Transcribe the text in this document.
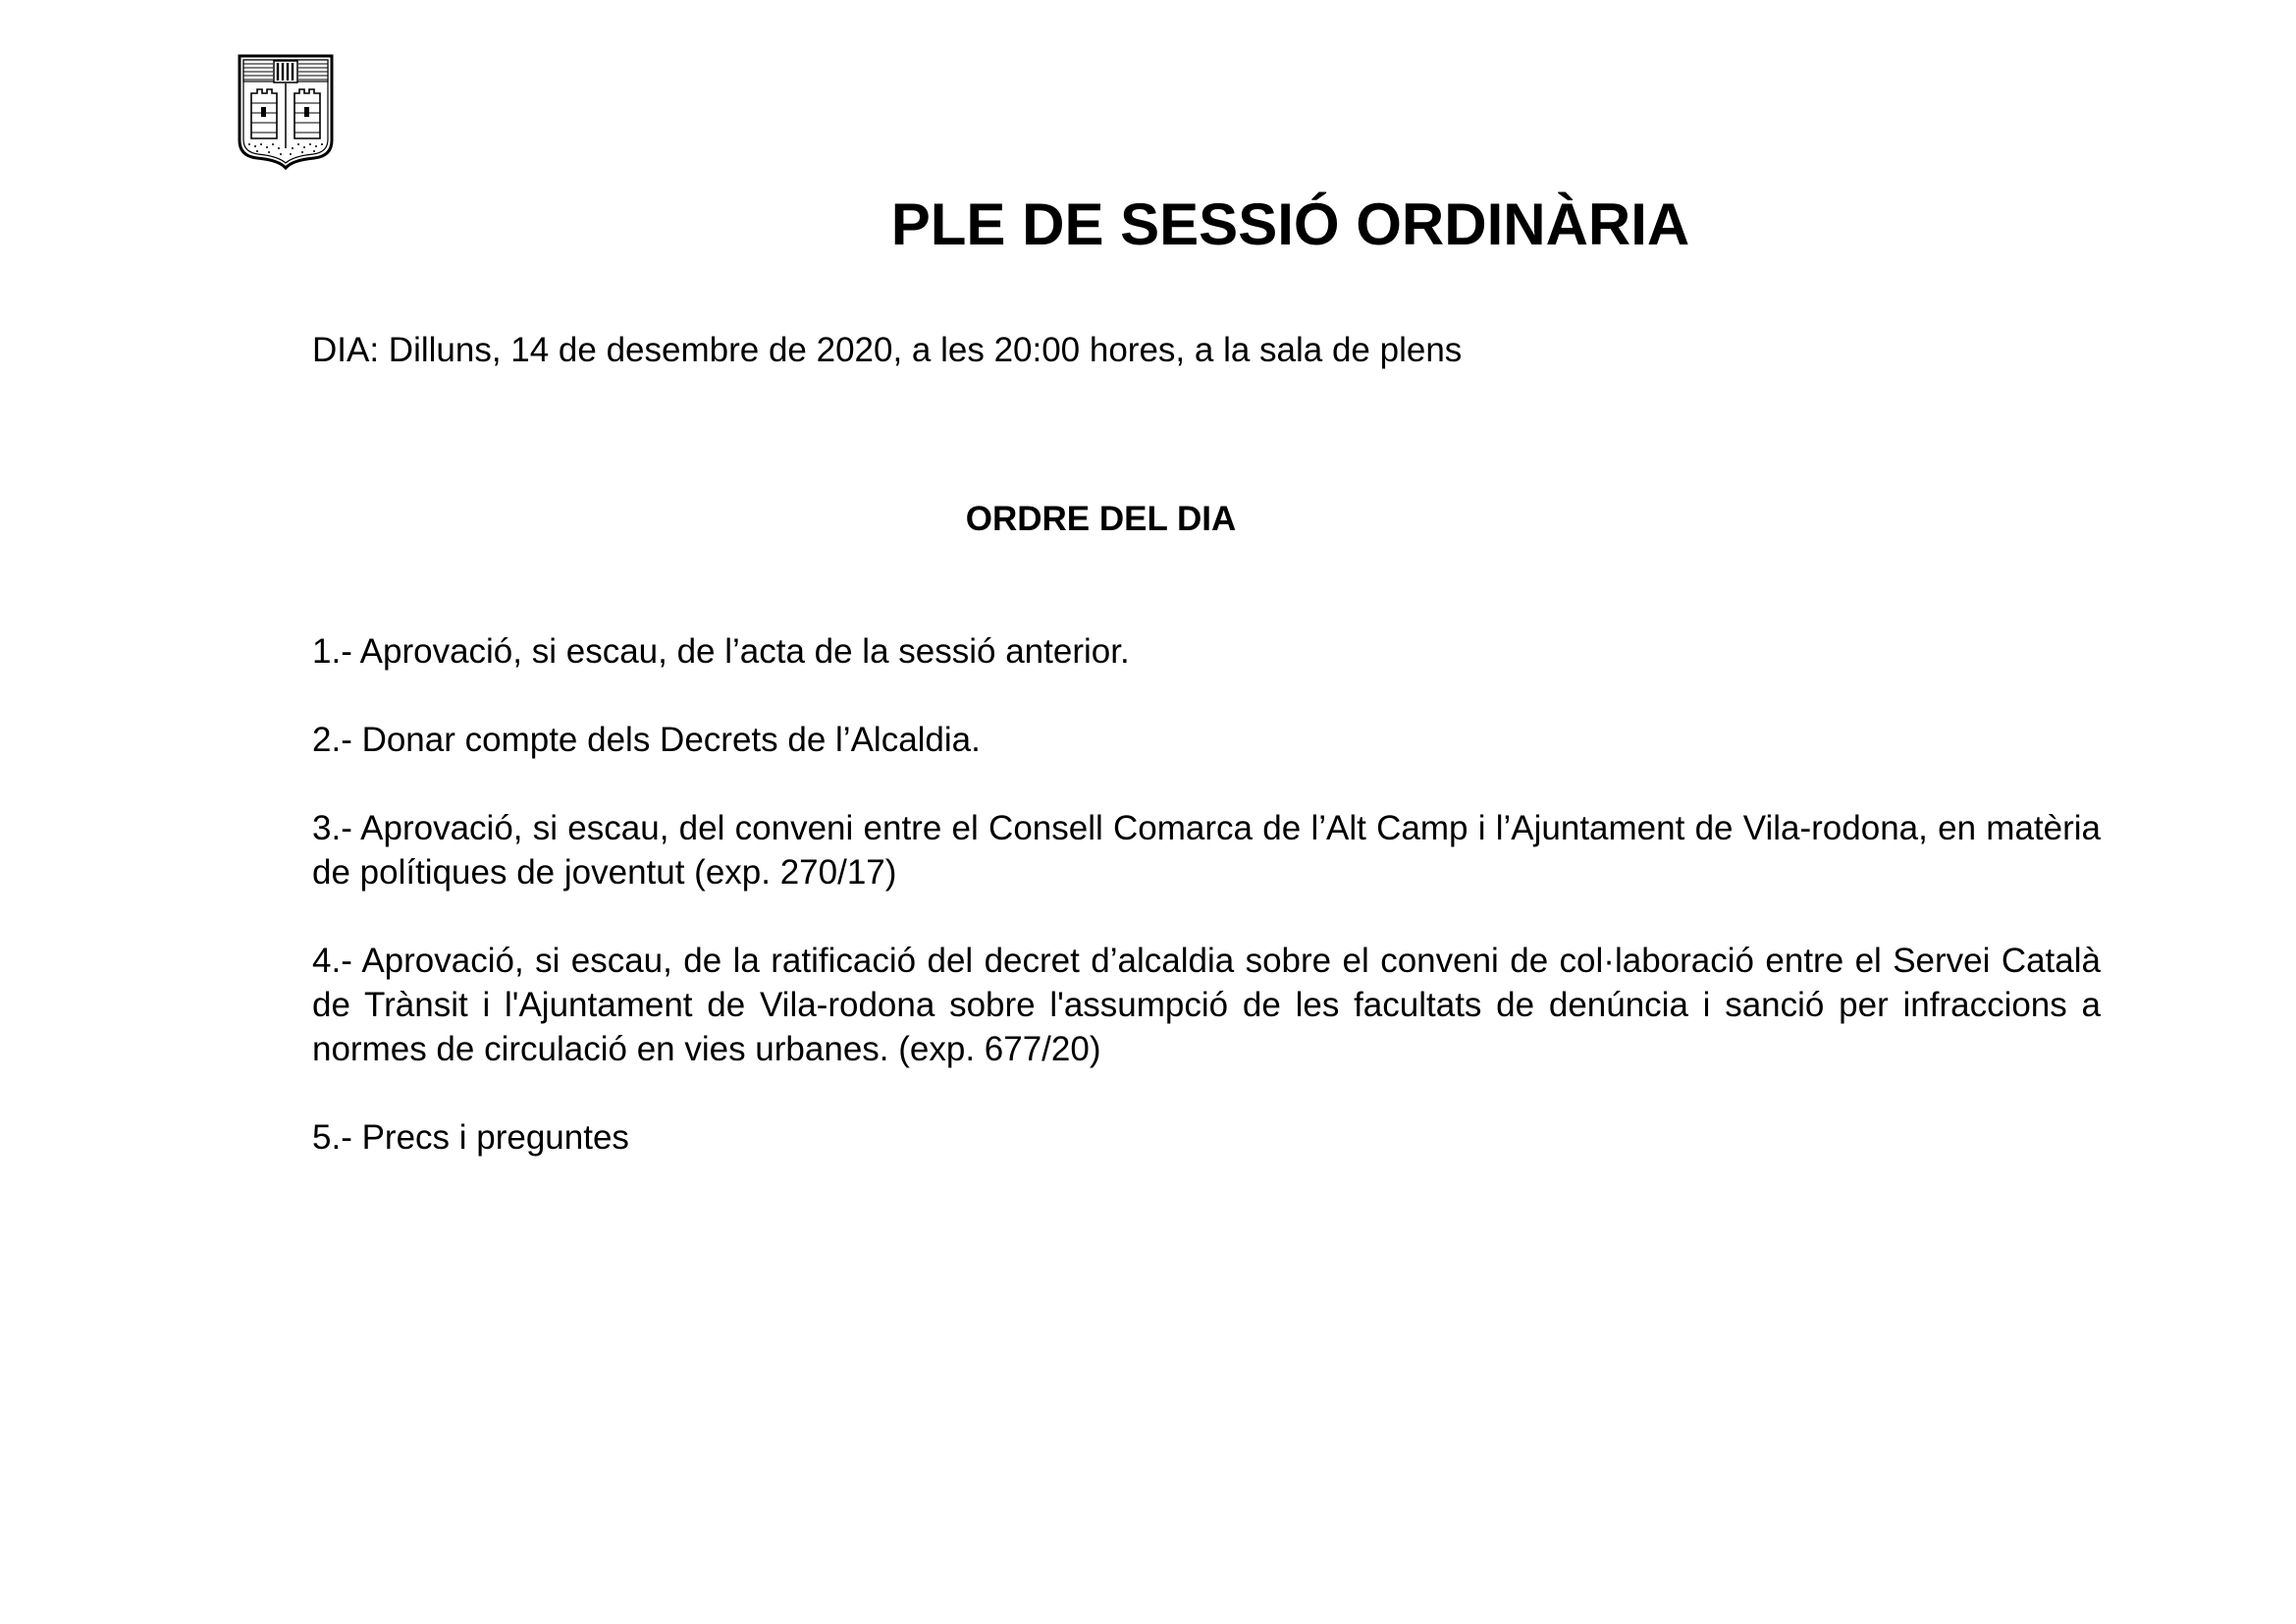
PLE DE SESSIÓ ORDINÀRIA

DIA: Dilluns, 14 de desembre de 2020, a les 20:00 hores, a la sala de plens

ORDRE DEL DIA
1.- Aprovació, si escau, de l’acta de la sessió anterior.
2.- Donar compte dels Decrets de l’Alcaldia.
3.- Aprovació, si escau, del conveni entre el Consell Comarca de l’Alt Camp i l’Ajuntament de Vila-rodona, en matèria de polítiques de joventut (exp. 270/17)
4.- Aprovació, si escau, de la ratificació del decret d’alcaldia sobre el conveni de col·laboració entre el Servei Català de Trànsit i l'Ajuntament de Vila-rodona sobre l'assumpció de les facultats de denúncia i sanció per infraccions a normes de circulació en vies urbanes. (exp. 677/20)
5.- Precs i preguntes
